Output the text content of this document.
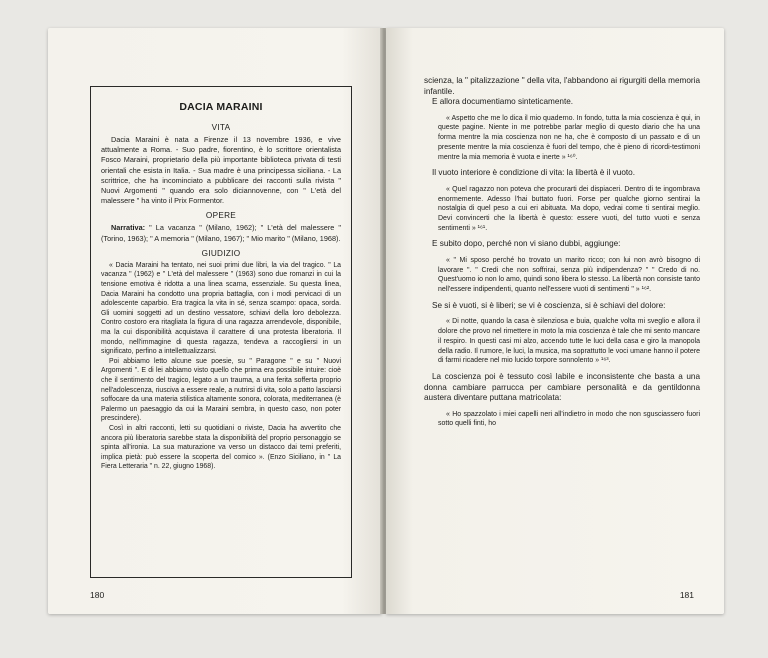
DACIA MARAINI
VITA

Dacia Maraini è nata a Firenze il 13 novembre 1936, e vive attualmente a Roma. - Suo padre, fiorentino, è lo scrittore orientalista Fosco Maraini, proprietario della più importante biblioteca privata di testi orientali che esista in Italia. - Sua madre è una principessa siciliana. - La scrittrice, che ha incominciato a pubblicare dei racconti sulla rivista " Nuovi Argomenti " quando era solo diciannovenne, con " L'età del malessere " ha vinto il Prix Formentor.

OPERE

Narrativa: " La vacanza " (Milano, 1962); " L'età del malessere " (Torino, 1963); " A memoria " (Milano, 1967); " Mio marito " (Milano, 1968).

GIUDIZIO

« Dacia Maraini ha tentato, nei suoi primi due libri, la via del tragico. " La vacanza " (1962) e " L'età del malessere " (1963) sono due romanzi in cui la tensione emotiva è ridotta a una linea scarna, essenziale. Su questa linea, Dacia Maraini ha condotto una propria battaglia, con i modi pervicaci di un adolescente caparbio. Era tragica la vita in sé, senza scampo: opaca, sorda. Gli uomini soggetti ad un destino vessatore, schiavi della loro debolezza. Contro costoro era ritagliata la figura di una ragazza arrendevole, disponibile, ma la cui disponibilità acquistava il carattere di una protesta liberatoria. Il mondo, nell'immagine di questa ragazza, tendeva a raccogliersi in un significato, perfino a intellettualizzarsi.

Poi abbiamo letto alcune sue poesie, su " Paragone " e su " Nuovi Argomenti ". E di lei abbiamo visto quello che prima era possibile intuire: cioè che il sentimento del tragico, legato a un trauma, a una ferita sofferta proprio nell'adolescenza, riusciva a essere reale, a nutrirsi di vita, solo a patto lasciarsi soffocare da una materia stilistica altamente sonora, colorata, mediterranea (è Palermo un paesaggio da cui la Maraini sembra, in questo caso, non poter prescindere).

Così in altri racconti, letti su quotidiani o riviste, Dacia ha avvertito che ancora più liberatoria sarebbe stata la disponibilità del proprio personaggio se spinta all'ironia. La sua maturazione va verso un distacco dai temi preferiti, implica pietà: può essere la scoperta del comico ». (Enzo Siciliano, in " La Fiera Letteraria " n. 22, giugno 1968).

180

scienza, la " pitalizzazione " della vita, l'abbandono ai rigurgiti della memoria infantile.

E allora documentiamo sinteticamente.

« Aspetto che me lo dica il mio quaderno. In fondo, tutta la mia coscienza è qui, in queste pagine. Niente in me potrebbe parlar meglio di questo diario che ha una forma mentre la mia coscienza non ne ha, che è composto di un passato e di un presente mentre la mia coscienza è fuori del tempo, che è pieno di ricordi-testimoni mentre la mia memoria è vuota e inerte » ¹⁶⁰.

Il vuoto interiore è condizione di vita: la libertà è il vuoto.

« Quel ragazzo non poteva che procurarti dei dispiaceri. Dentro di te ingombrava enormemente. Adesso l'hai buttato fuori. Forse per qualche giorno sentirai la nostalgia di quel peso a cui eri abituata. Ma dopo, vedrai come ti sentirai meglio. Devi convincerti che la libertà è questo: essere vuoti, del tutto vuoti e senza sentimenti » ¹⁶¹.

E subito dopo, perché non vi siano dubbi, aggiunge:

« " Mi sposo perché ho trovato un marito ricco; con lui non avrò bisogno di lavorare ". " Credi che non soffrirai, senza più indipendenza? " " Credo di no. Quest'uomo io non lo amo, quindi sono libera lo stesso. La libertà non consiste tanto nell'essere indipendenti, quanto nell'essere vuoti di sentimenti " » ¹⁶².

Se si è vuoti, si è liberi; se vi è coscienza, si è schiavi del dolore:

« Di notte, quando la casa è silenziosa e buia, qualche volta mi sveglio e allora il dolore che provo nel rimettere in moto la mia coscienza è tale che mi sento mancare il respiro. In questi casi mi alzo, accendo tutte le luci della casa e giro la manopola della radio. Il rumore, le luci, la musica, ma soprattutto le voci umane hanno il potere di farmi ricadere nel mio lucido torpore sonnolento » ¹⁶³.

La coscienza poi è tessuto così labile e inconsistente che basta a una donna cambiare parrucca per cambiare personalità e da gentildonna austera diventare puttana matricolata:

« Ho spazzolato i miei capelli neri all'indietro in modo che non sgusciassero fuori sotto quelli finti, ho

181
